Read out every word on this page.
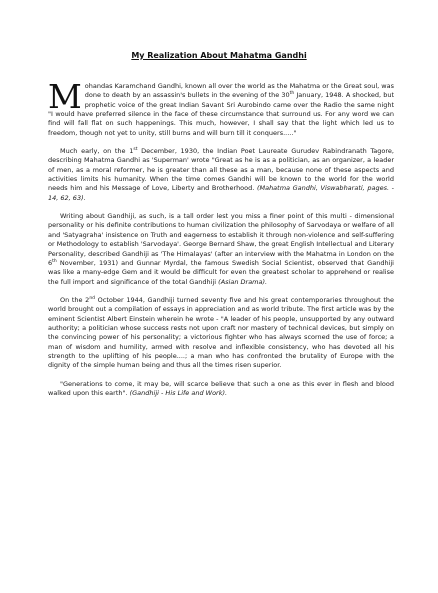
My Realization About Mahatma Gandhi

Mohandas Karamchand Gandhi, known all over the world as the Mahatma or the Great soul, was done to death by an assassin's bullets in the evening of the 30th January, 1948. A shocked, but prophetic voice of the great Indian Savant Sri Aurobindo came over the Radio the same night "I would have preferred silence in the face of these circumstance that surround us. For any word we can find will fall flat on such happenings. This much, however, I shall say that the light which led us to freedom, though not yet to unity, still burns and will burn till it conquers....."

Much early, on the 1st December, 1930, the Indian Poet Laureate Gurudev Rabindranath Tagore, describing Mahatma Gandhi as 'Superman' wrote "Great as he is as a politician, as an organizer, a leader of men, as a moral reformer, he is greater than all these as a man, because none of these aspects and activities limits his humanity. When the time comes Gandhi will be known to the world for the world needs him and his Message of Love, Liberty and Brotherhood. (Mahatma Gandhi, Viswabharati, pages. - 14, 62, 63).

Writing about Gandhiji, as such, is a tall order lest you miss a finer point of this multi - dimensional personality or his definite contributions to human civilization the philosophy of Sarvodaya or welfare of all and 'Satyagraha' insistence on Truth and eagerness to establish it through non-violence and self-suffering or Methodology to establish 'Sarvodaya'. George Bernard Shaw, the great English Intellectual and Literary Personality, described Gandhiji as 'The Himalayas' (after an interview with the Mahatma in London on the 6th November, 1931) and Gunnar Myrdal, the famous Swedish Social Scientist, observed that Gandhiji was like a many-edge Gem and it would be difficult for even the greatest scholar to apprehend or realise the full import and significance of the total Gandhiji (Asian Drama).

On the 2nd October 1944, Gandhiji turned seventy five and his great contemporaries throughout the world brought out a compilation of essays in appreciation and as world tribute. The first article was by the eminent Scientist Albert Einstein wherein he wrote - "A leader of his people, unsupported by any outward authority; a politician whose success rests not upon craft nor mastery of technical devices, but simply on the convincing power of his personality; a victorious fighter who has always scorned the use of force; a man of wisdom and humility, armed with resolve and inflexible consistency, who has devoted all his strength to the uplifting of his people....; a man who has confronted the brutality of Europe with the dignity of the simple human being and thus all the times risen superior.

"Generations to come, it may be, will scarce believe that such a one as this ever in flesh and blood walked upon this earth". (Gandhiji - His Life and Work).
